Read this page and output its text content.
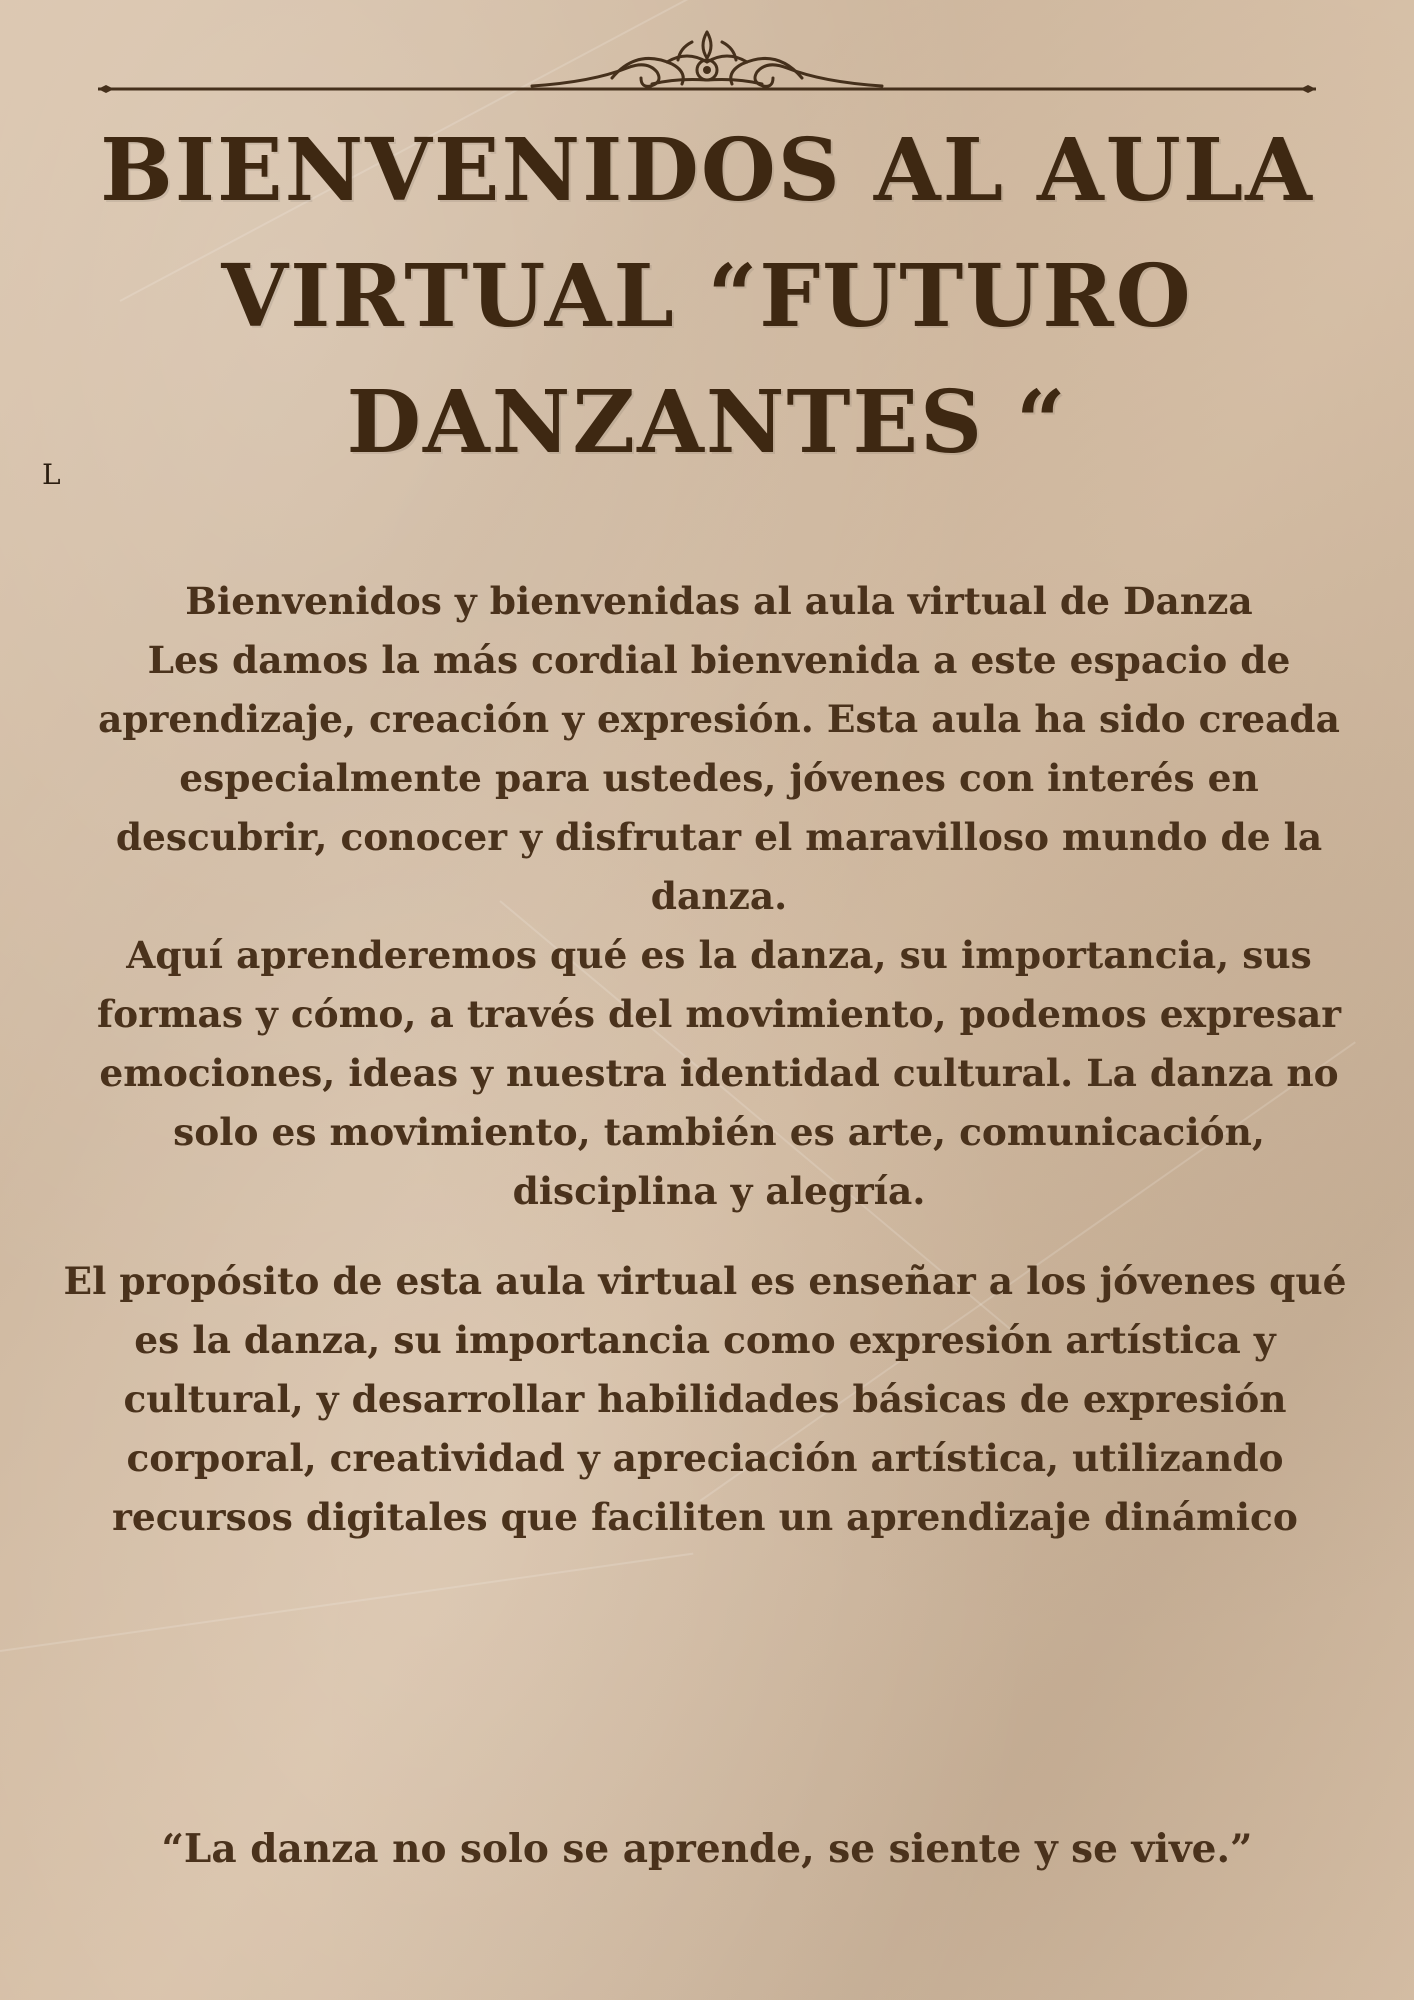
BIENVENIDOS AL AULA
VIRTUAL “FUTURO
DANZANTES “
L

Bienvenidos y bienvenidas al aula virtual de Danza
Les damos la más cordial bienvenida a este espacio de
aprendizaje, creación y expresión. Esta aula ha sido creada
especialmente para ustedes, jóvenes con interés en
descubrir, conocer y disfrutar el maravilloso mundo de la
danza.
Aquí aprenderemos qué es la danza, su importancia, sus
formas y cómo, a través del movimiento, podemos expresar
emociones, ideas y nuestra identidad cultural. La danza no
solo es movimiento, también es arte, comunicación,
disciplina y alegría.

El propósito de esta aula virtual es enseñar a los jóvenes qué
es la danza, su importancia como expresión artística y
cultural, y desarrollar habilidades básicas de expresión
corporal, creatividad y apreciación artística, utilizando
recursos digitales que faciliten un aprendizaje dinámico

“La danza no solo se aprende, se siente y se vive.”
